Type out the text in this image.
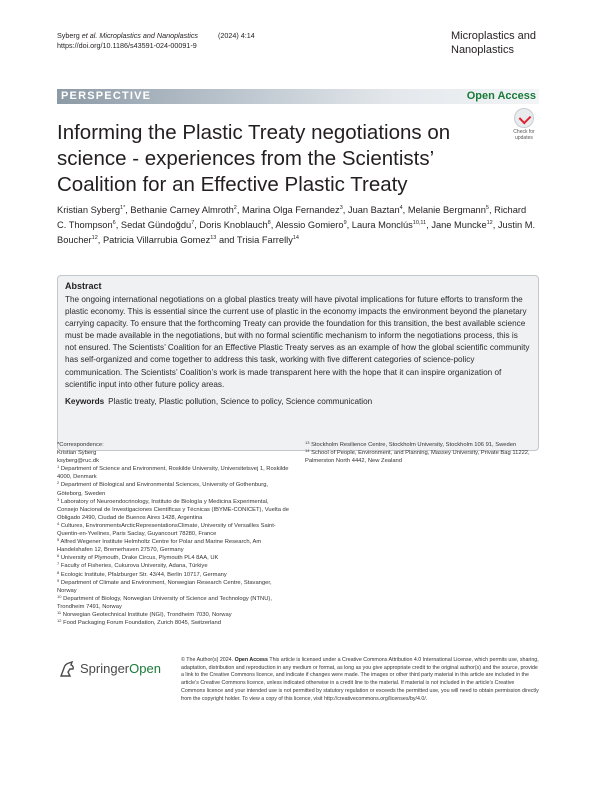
Syberg et al. Microplastics and Nanoplastics          (2024) 4:14
https://doi.org/10.1186/s43591-024-00091-9
Microplastics and Nanoplastics
PERSPECTIVE	Open Access
Check for updates
Informing the Plastic Treaty negotiations on science - experiences from the Scientists’ Coalition for an Effective Plastic Treaty
Kristian Syberg$^{1*}$, Bethanie Carney Almroth$^2$, Marina Olga Fernandez$^3$, Juan Baztan$^4$, Melanie Bergmann$^5$, Richard C. Thompson$^6$, Sedat Gündoğdu$^7$, Doris Knoblauch$^8$, Alessio Gomiero$^9$, Laura Monclús$^{10,11}$, Jane Muncke$^{12}$, Justin M. Boucher$^{12}$, Patricia Villarrubia Gomez$^{13}$ and Trisia Farrelly$^{14}$
Abstract

The ongoing international negotiations on a global plastics treaty will have pivotal implications for future efforts to transform the plastic economy. This is essential since the current use of plastic in the economy impacts the environment beyond the planetary carrying capacity. To ensure that the forthcoming Treaty can provide the foundation for this transition, the best available science must be made available in the negotiations, but with no formal scientific mechanism to inform the negotiations process, this is not ensured. The Scientists’ Coalition for an Effective Plastic Treaty serves as an example of how the global scientific community has self-organized and come together to address this task, working with five different categories of science-policy communication. The Scientists’ Coalition’s work is made transparent here with the hope that it can inspire organization of scientific input into other future policy areas.

Keywords Plastic treaty, Plastic pollution, Science to policy, Science communication
*Correspondence:
Kristian Syberg
ksyberg@ruc.dk
$^1$ Department of Science and Environment, Roskilde University, Universitetsvej 1, Roskilde 4000, Denmark
$^2$ Department of Biological and Environmental Sciences, University of Gothenburg, Göteborg, Sweden
$^3$ Laboratory of Neuroendocrinology, Instituto de Biología y Medicina Experimental, Consejo Nacional de Investigaciones Científicas y Técnicas (IBYME-CONICET), Vuelta de Obligado 2490, Ciudad de Buenos Aires 1428, Argentina
$^4$ Cultures, EnvironmentsArcticRepresentationsClimate, University of Versailles Saint-Quentin-en-Yvelines, Paris Saclay, Guyancourt 78280, France
$^5$ Alfred Wegener Institute Helmholtz Centre for Polar and Marine Research, Am Handelshafen 12, Bremerhaven 27570, Germany
$^6$ University of Plymouth, Drake Circus, Plymouth PL4 8AA, UK
$^7$ Faculty of Fisheries, Cukurova University, Adana, Türkiye
$^8$ Ecologic Institute, Pfalzburger Str. 43/44, Berlin 10717, Germany
$^9$ Department of Climate and Environment, Norwegian Research Centre, Stavanger, Norway
$^{10}$ Department of Biology, Norwegian University of Science and Technology (NTNU), Trondheim 7491, Norway
$^{11}$ Norwegian Geotechnical Institute (NGI), Trondheim 7030, Norway
$^{12}$ Food Packaging Forum Foundation, Zurich 8045, Switzerland
$^{13}$ Stockholm Resilience Centre, Stockholm University, Stockholm 106 91, Sweden
$^{14}$ School of People, Environment, and Planning, Massey University, Private Bag 11222, Palmerston North 4442, New Zealand
SpringerOpen
© The Author(s) 2024. Open Access This article is licensed under a Creative Commons Attribution 4.0 International License, which permits use, sharing, adaptation, distribution and reproduction in any medium or format, as long as you give appropriate credit to the original author(s) and the source, provide a link to the Creative Commons licence, and indicate if changes were made. The images or other third party material in this article are included in the article’s Creative Commons licence, unless indicated otherwise in a credit line to the material. If material is not included in the article’s Creative Commons licence and your intended use is not permitted by statutory regulation or exceeds the permitted use, you will need to obtain permission directly from the copyright holder. To view a copy of this licence, visit http://creativecommons.org/licenses/by/4.0/.
